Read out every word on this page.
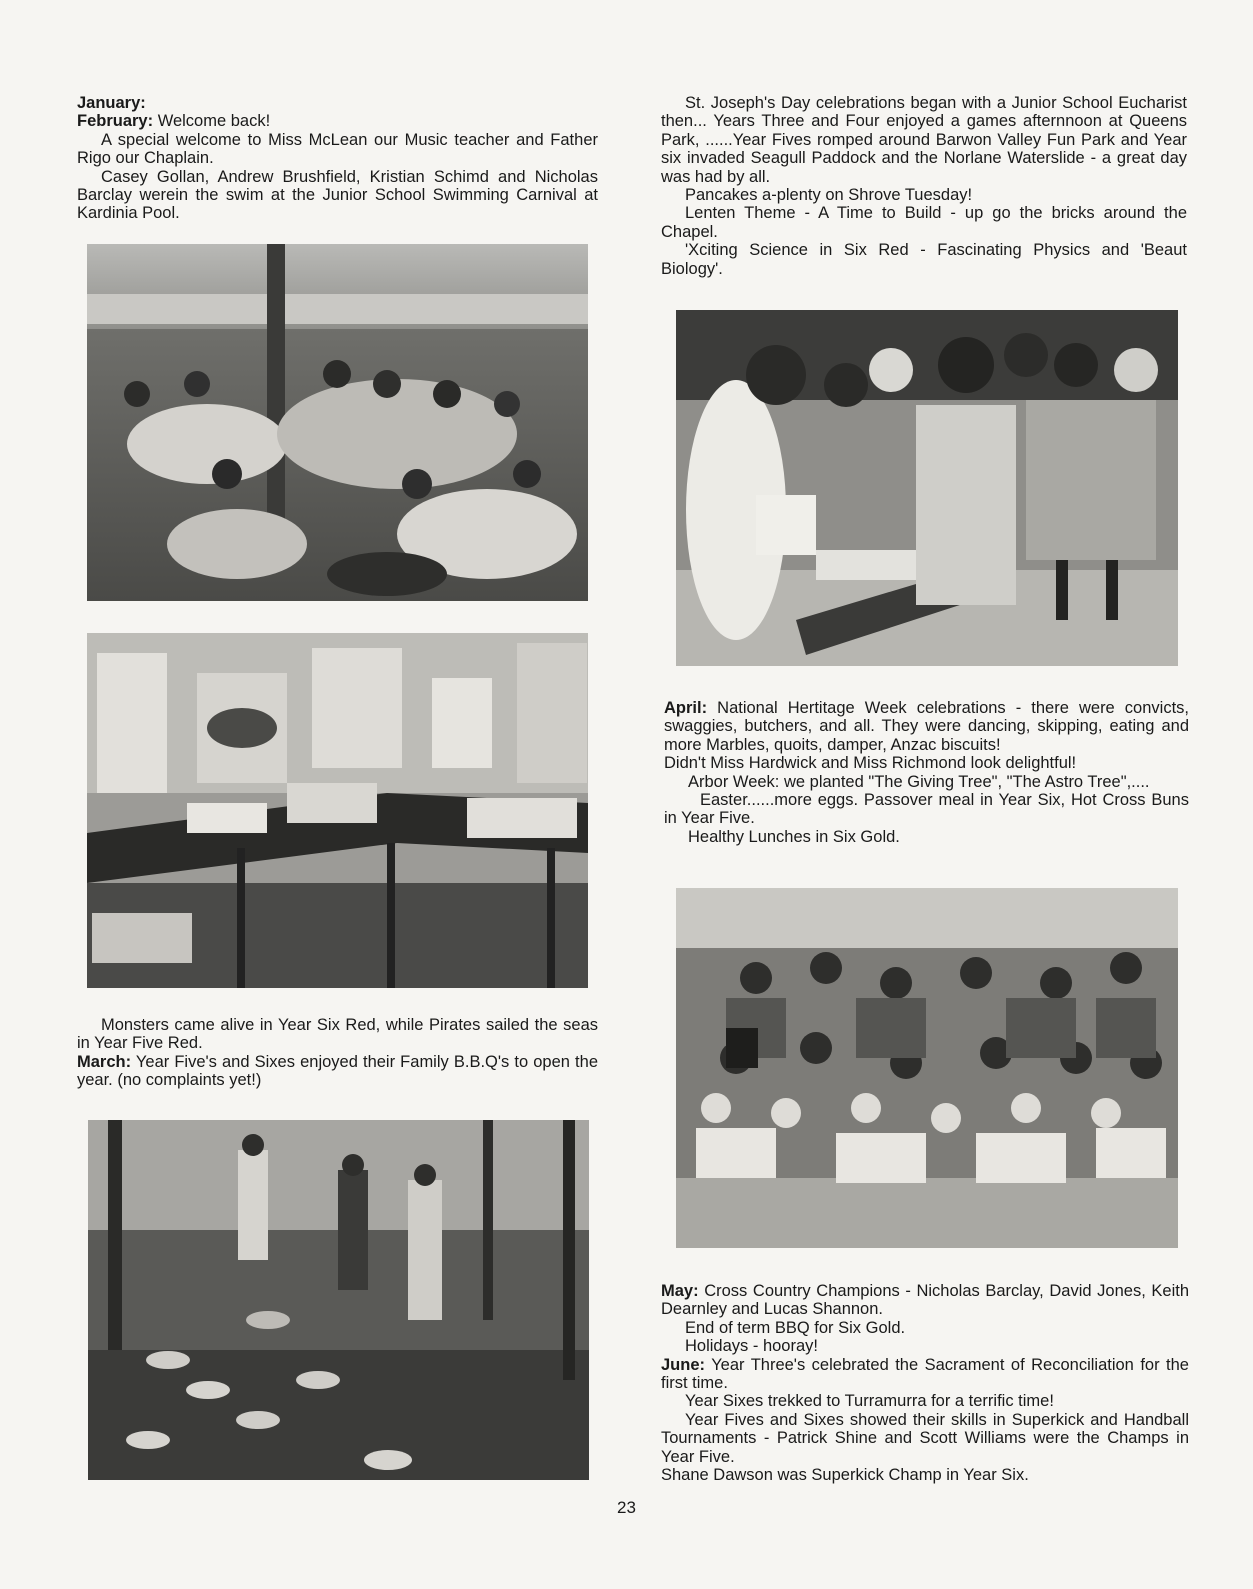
January:

February: Welcome back!

A special welcome to Miss McLean our Music teacher and Father Rigo our Chaplain.

Casey Gollan, Andrew Brushfield, Kristian Schimd and Nicholas Barclay werein the swim at the Junior School Swimming Carnival at Kardinia Pool.

Monsters came alive in Year Six Red, while Pirates sailed the seas in Year Five Red.

March: Year Five's and Sixes enjoyed their Family B.B.Q's to open the year. (no complaints yet!)

St. Joseph's Day celebrations began with a Junior School Eucharist then... Years Three and Four enjoyed a games afternnoon at Queens Park, ......Year Fives romped around Barwon Valley Fun Park and Year six invaded Seagull Paddock and the Norlane Waterslide - a great day was had by all.

Pancakes a-plenty on Shrove Tuesday!

Lenten Theme - A Time to Build - up go the bricks around the Chapel.

'Xciting Science in Six Red - Fascinating Physics and 'Beaut Biology'.

April: National Hertitage Week celebrations - there were convicts, swaggies, butchers, and all. They were dancing, skipping, eating and more Marbles, quoits, damper, Anzac biscuits!

Didn't Miss Hardwick and Miss Richmond look delightful!

Arbor Week: we planted "The Giving Tree", "The Astro Tree",....

Easter......more eggs. Passover meal in Year Six, Hot Cross Buns in Year Five.

Healthy Lunches in Six Gold.

May: Cross Country Champions - Nicholas Barclay, David Jones, Keith Dearnley and Lucas Shannon.

End of term BBQ for Six Gold.

Holidays - hooray!

June: Year Three's celebrated the Sacrament of Reconciliation for the first time.

Year Sixes trekked to Turramurra for a terrific time!

Year Fives and Sixes showed their skills in Superkick and Handball Tournaments - Patrick Shine and Scott Williams were the Champs in Year Five.

Shane Dawson was Superkick Champ in Year Six.

23
